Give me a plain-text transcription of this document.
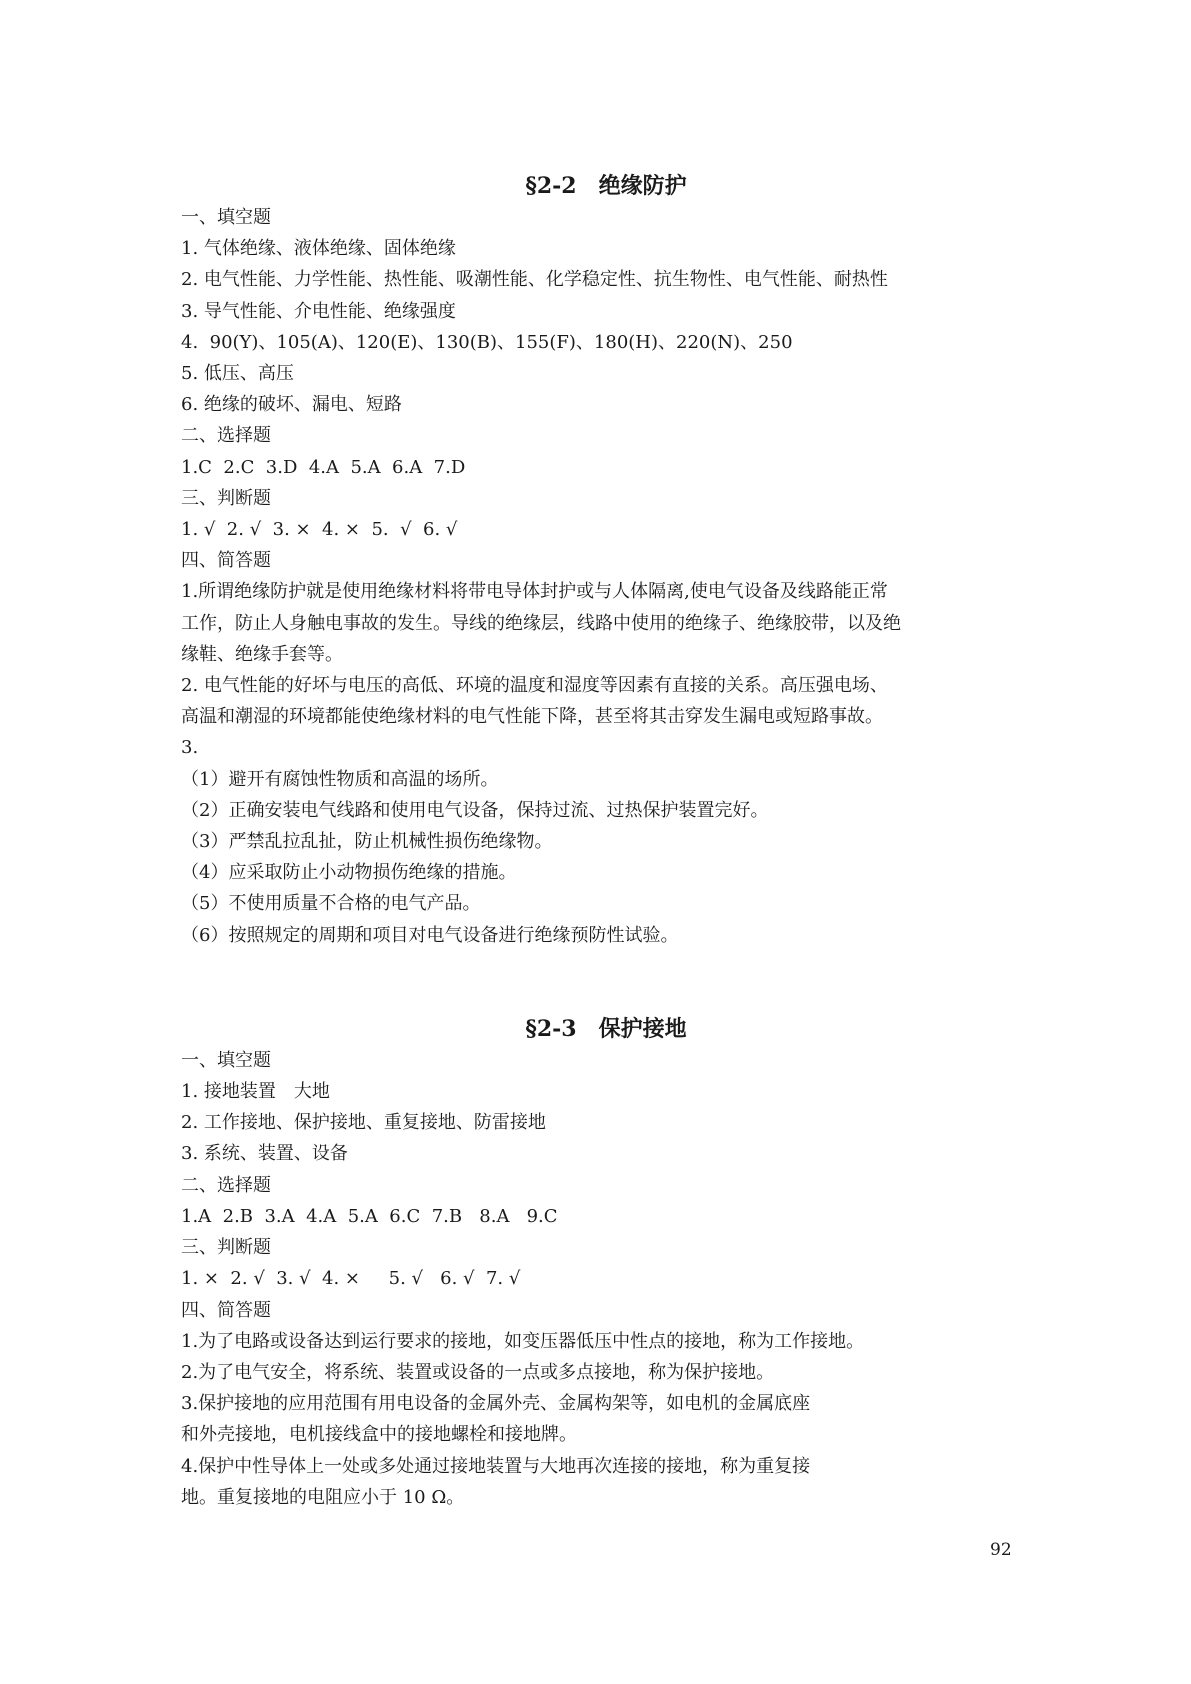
§2-2　绝缘防护

一、填空题

1. 气体绝缘、液体绝缘、固体绝缘

2. 电气性能、力学性能、热性能、吸潮性能、化学稳定性、抗生物性、电气性能、耐热性

3. 导气性能、介电性能、绝缘强度

4.  90(Y)、105(A)、120(E)、130(B)、155(F)、180(H)、220(N)、250

5. 低压、高压

6. 绝缘的破坏、漏电、短路

二、选择题

1.C  2.C  3.D  4.A  5.A  6.A  7.D

三、判断题

1. √  2. √  3. ×  4. ×  5.  √  6. √

四、简答题

1.所谓绝缘防护就是使用绝缘材料将带电导体封护或与人体隔离,使电气设备及线路能正常

工作，防止人身触电事故的发生。导线的绝缘层，线路中使用的绝缘子、绝缘胶带，以及绝

缘鞋、绝缘手套等。

2. 电气性能的好坏与电压的高低、环境的温度和湿度等因素有直接的关系。高压强电场、

高温和潮湿的环境都能使绝缘材料的电气性能下降，甚至将其击穿发生漏电或短路事故。

3.

（1）避开有腐蚀性物质和高温的场所。

（2）正确安装电气线路和使用电气设备，保持过流、过热保护装置完好。

（3）严禁乱拉乱扯，防止机械性损伤绝缘物。

（4）应采取防止小动物损伤绝缘的措施。

（5）不使用质量不合格的电气产品。

（6）按照规定的周期和项目对电气设备进行绝缘预防性试验。

§2-3　保护接地

一、填空题

1. 接地装置　大地

2. 工作接地、保护接地、重复接地、防雷接地

3. 系统、装置、设备

二、选择题

1.A  2.B  3.A  4.A  5.A  6.C  7.B   8.A   9.C

三、判断题

1. ×  2. √  3. √  4. ×     5. √   6. √  7. √

四、简答题

1.为了电路或设备达到运行要求的接地，如变压器低压中性点的接地，称为工作接地。

2.为了电气安全，将系统、装置或设备的一点或多点接地，称为保护接地。

3.保护接地的应用范围有用电设备的金属外壳、金属构架等，如电机的金属底座

和外壳接地，电机接线盒中的接地螺栓和接地牌。

4.保护中性导体上一处或多处通过接地装置与大地再次连接的接地，称为重复接

地。重复接地的电阻应小于 10 Ω。

92
